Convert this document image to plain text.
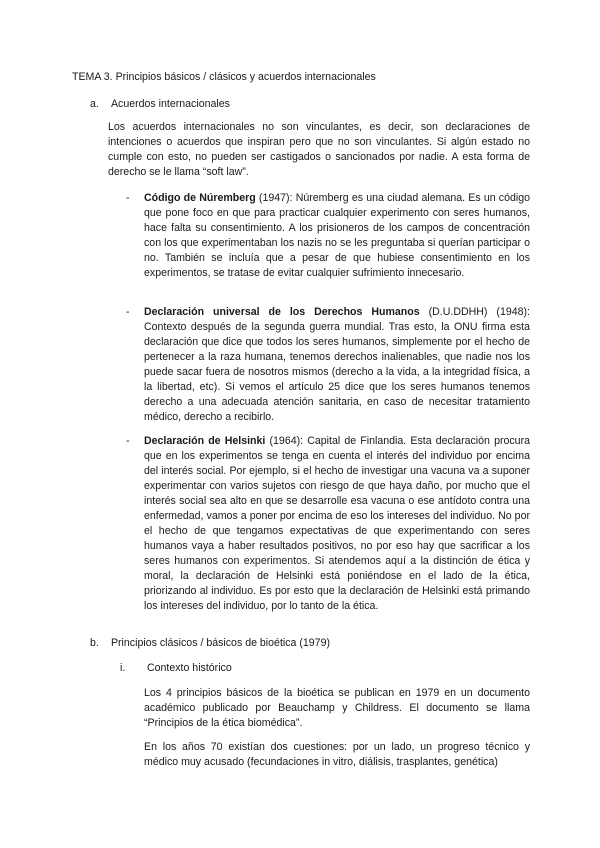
TEMA 3. Principios básicos / clásicos y acuerdos internacionales
a. Acuerdos internacionales

Los acuerdos internacionales no son vinculantes, es decir, son declaraciones de intenciones o acuerdos que inspiran pero que no son vinculantes. Si algún estado no cumple con esto, no pueden ser castigados o sancionados por nadie. A esta forma de derecho se le llama “soft law”.

- Código de Núremberg (1947): Núremberg es una ciudad alemana. Es un código que pone foco en que para practicar cualquier experimento con seres humanos, hace falta su consentimiento. A los prisioneros de los campos de concentración con los que experimentaban los nazis no se les preguntaba si querían participar o no. También se incluía que a pesar de que hubiese consentimiento en los experimentos, se tratase de evitar cualquier sufrimiento innecesario.

- Declaración universal de los Derechos Humanos (D.U.DDHH) (1948): Contexto después de la segunda guerra mundial. Tras esto, la ONU firma esta declaración que dice que todos los seres humanos, simplemente por el hecho de pertenecer a la raza humana, tenemos derechos inalienables, que nadie nos los puede sacar fuera de nosotros mismos (derecho a la vida, a la integridad física, a la libertad, etc). Si vemos el artículo 25 dice que los seres humanos tenemos derecho a una adecuada atención sanitaria, en caso de necesitar tratamiento médico, derecho a recibirlo.

- Declaración de Helsinki (1964): Capital de Finlandia. Esta declaración procura que en los experimentos se tenga en cuenta el interés del individuo por encima del interés social. Por ejemplo, si el hecho de investigar una vacuna va a suponer experimentar con varios sujetos con riesgo de que haya daño, por mucho que el interés social sea alto en que se desarrolle esa vacuna o ese antídoto contra una enfermedad, vamos a poner por encima de eso los intereses del individuo. No por el hecho de que tengamos expectativas de que experimentando con seres humanos vaya a haber resultados positivos, no por eso hay que sacrificar a los seres humanos con experimentos. Si atendemos aquí a la distinción de ética y moral, la declaración de Helsinki está poniéndose en el lado de la ética, priorizando al individuo. Es por esto que la declaración de Helsinki está primando los intereses del individuo, por lo tanto de la ética.

b. Principios clásicos / básicos de bioética (1979)
i. Contexto histórico

Los 4 principios básicos de la bioética se publican en 1979 en un documento académico publicado por Beauchamp y Childress. El documento se llama “Principios de la ética biomédica”.

En los años 70 existían dos cuestiones: por un lado, un progreso técnico y médico muy acusado (fecundaciones in vitro, diálisis, trasplantes, genética)
